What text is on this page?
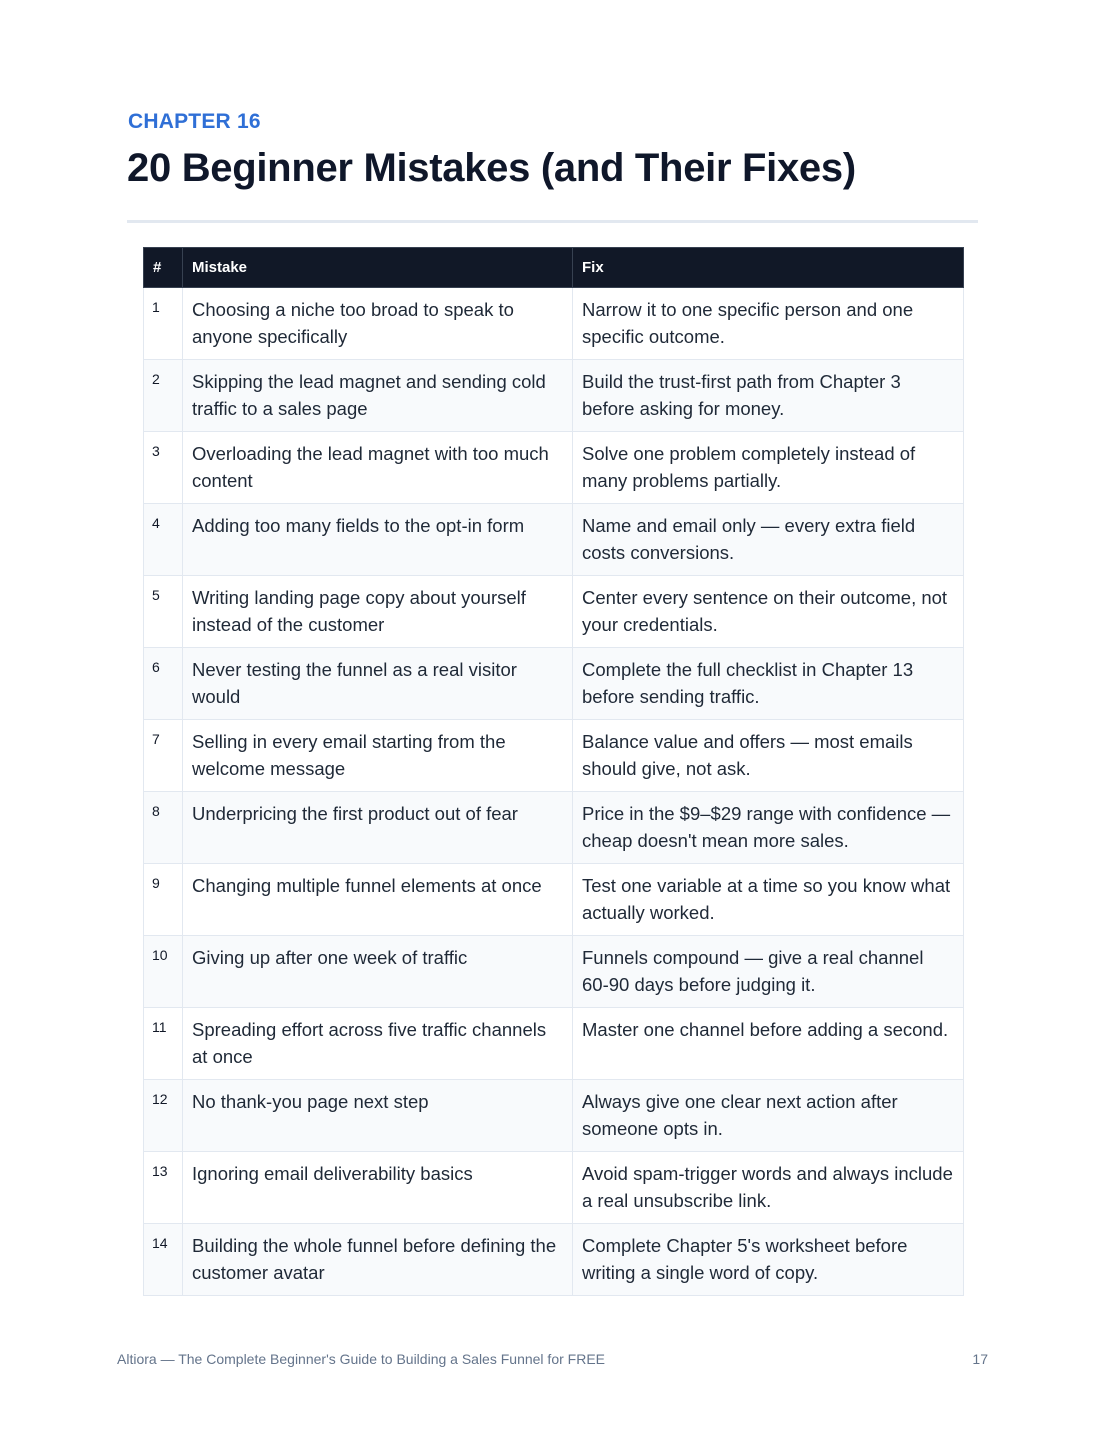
CHAPTER 16
20 Beginner Mistakes (and Their Fixes)
#	Mistake	Fix
1	Choosing a niche too broad to speak to anyone specifically	Narrow it to one specific person and one specific outcome.
2	Skipping the lead magnet and sending cold traffic to a sales page	Build the trust-first path from Chapter 3 before asking for money.
3	Overloading the lead magnet with too much content	Solve one problem completely instead of many problems partially.
4	Adding too many fields to the opt-in form	Name and email only — every extra field costs conversions.
5	Writing landing page copy about yourself instead of the customer	Center every sentence on their outcome, not your credentials.
6	Never testing the funnel as a real visitor would	Complete the full checklist in Chapter 13 before sending traffic.
7	Selling in every email starting from the welcome message	Balance value and offers — most emails should give, not ask.
8	Underpricing the first product out of fear	Price in the $9–$29 range with confidence — cheap doesn't mean more sales.
9	Changing multiple funnel elements at once	Test one variable at a time so you know what actually worked.
10	Giving up after one week of traffic	Funnels compound — give a real channel 60-90 days before judging it.
11	Spreading effort across five traffic channels at once	Master one channel before adding a second.
12	No thank-you page next step	Always give one clear next action after someone opts in.
13	Ignoring email deliverability basics	Avoid spam-trigger words and always include a real unsubscribe link.
14	Building the whole funnel before defining the customer avatar	Complete Chapter 5's worksheet before writing a single word of copy.
Altiora — The Complete Beginner's Guide to Building a Sales Funnel for FREE	17
